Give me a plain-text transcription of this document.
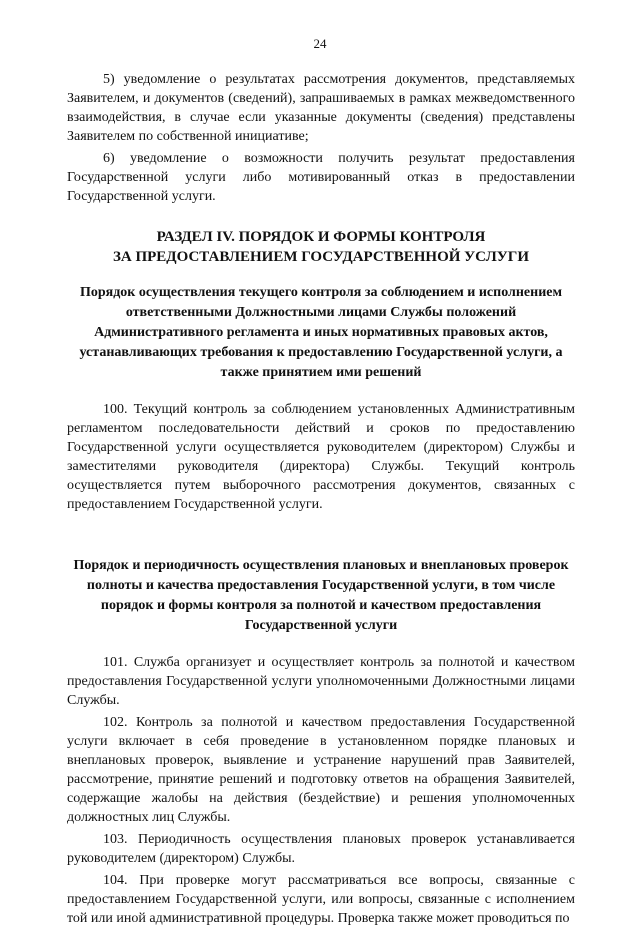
24

5) уведомление о результатах рассмотрения документов, представляемых Заявителем, и документов (сведений), запрашиваемых в рамках межведомственного взаимодействия, в случае если указанные документы (сведения) представлены Заявителем по собственной инициативе;

6) уведомление о возможности получить результат предоставления Государственной услуги либо мотивированный отказ в предоставлении Государственной услуги.

РАЗДЕЛ IV. ПОРЯДОК И ФОРМЫ КОНТРОЛЯ
ЗА ПРЕДОСТАВЛЕНИЕМ ГОСУДАРСТВЕННОЙ УСЛУГИ
Порядок осуществления текущего контроля за соблюдением и исполнением ответственными Должностными лицами Службы положений Административного регламента и иных нормативных правовых актов, устанавливающих требования к предоставлению Государственной услуги, а также принятием ими решений

100. Текущий контроль за соблюдением установленных Административным регламентом последовательности действий и сроков по предоставлению Государственной услуги осуществляется руководителем (директором) Службы и заместителями руководителя (директора) Службы. Текущий контроль осуществляется путем выборочного рассмотрения документов, связанных с предоставлением Государственной услуги.

Порядок и периодичность осуществления плановых и внеплановых проверок полноты и качества предоставления Государственной услуги, в том числе порядок и формы контроля за полнотой и качеством предоставления Государственной услуги

101. Служба организует и осуществляет контроль за полнотой и качеством предоставления Государственной услуги уполномоченными Должностными лицами Службы.

102. Контроль за полнотой и качеством предоставления Государственной услуги включает в себя проведение в установленном порядке плановых и внеплановых проверок, выявление и устранение нарушений прав Заявителей, рассмотрение, принятие решений и подготовку ответов на обращения Заявителей, содержащие жалобы на действия (бездействие) и решения уполномоченных должностных лиц Службы.

103. Периодичность осуществления плановых проверок устанавливается руководителем (директором) Службы.

104. При проверке могут рассматриваться все вопросы, связанные с предоставлением Государственной услуги, или вопросы, связанные с исполнением той или иной административной процедуры. Проверка также может проводиться по
